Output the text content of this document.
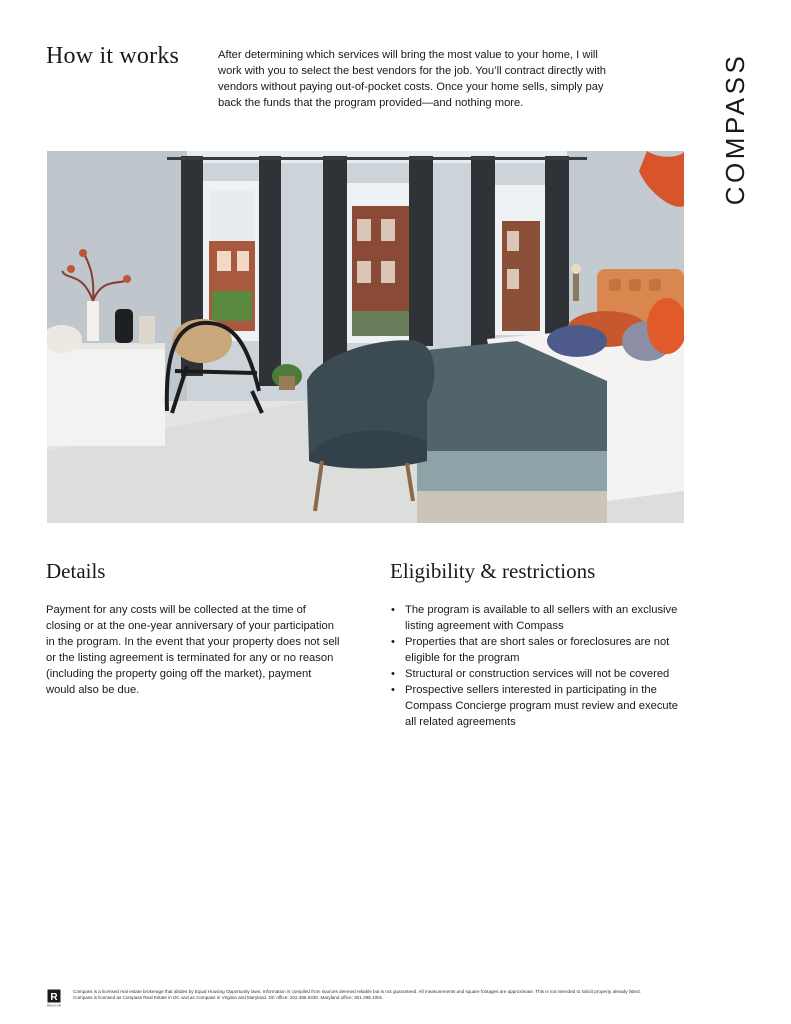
How it works	After determining which services will bring the most value to your home, I will work with you to select the best vendors for the job. You’ll contract directly with vendors without paying out-of-pocket costs. Once your home sells, simply pay back the funds that the program provided—and nothing more.	COMPASS
Details

Payment for any costs will be collected at the time of closing or at the one-year anniversary of your participation in the program. In the event that your property does not sell or the listing agreement is terminated for any or no reason (including the property going off the market), payment would also be due.

Eligibility & restrictions
• The program is available to all sellers with an exclusive listing agreement with Compass
• Properties that are short sales or foreclosures are not eligible for the program
• Structural or construction services will not be covered
• Prospective sellers interested in participating in the Compass Concierge program must review and execute all related agreements
R
REALTOR

Compass is a licensed real estate brokerage that abides by Equal Housing Opportunity laws. Information is compiled from sources deemed reliable but is not guaranteed. All measurements and square footages are approximate. This is not intended to solicit property already listed.
Compass is licensed as Compass Real Estate in DC and as Compass in Virginia and Maryland. DC office: 202.386.6330. Maryland office: 301.298.1001.
